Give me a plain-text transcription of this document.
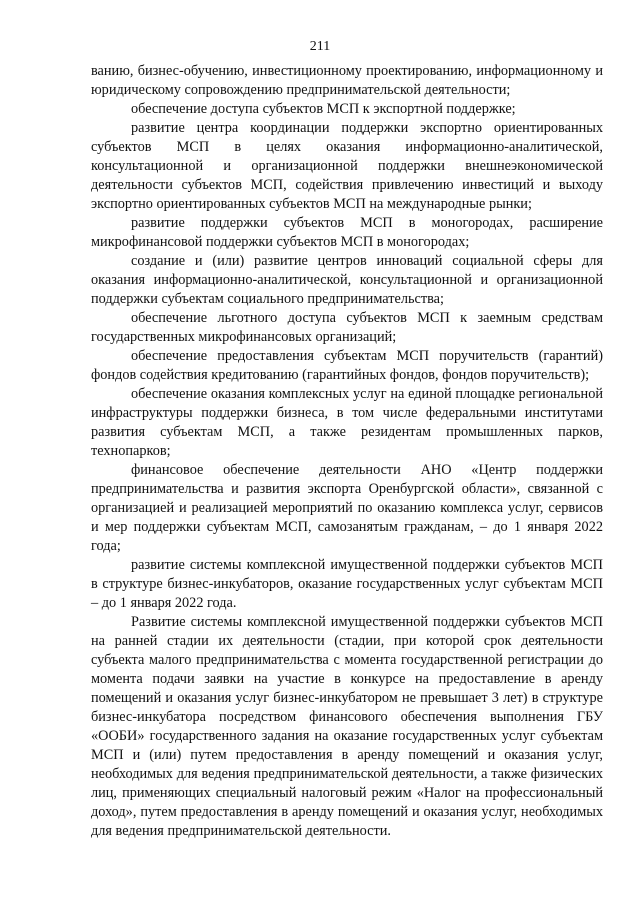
211

ванию, бизнес-обучению, инвестиционному проектированию, информационному и юридическому сопровождению предпринимательской деятельности;

обеспечение доступа субъектов МСП к экспортной поддержке;

развитие центра координации поддержки экспортно ориентированных субъектов МСП в целях оказания информационно-аналитической, консультационной и организационной поддержки внешнеэкономической деятельности субъектов МСП, содействия привлечению инвестиций и выходу экспортно ориентированных субъектов МСП на международные рынки;

развитие поддержки субъектов МСП в моногородах, расширение микрофинансовой поддержки субъектов МСП в моногородах;

создание и (или) развитие центров инноваций социальной сферы для оказания информационно-аналитической, консультационной и организационной поддержки субъектам социального предпринимательства;

обеспечение льготного доступа субъектов МСП к заемным средствам государственных микрофинансовых организаций;

обеспечение предоставления субъектам МСП поручительств (гарантий) фондов содействия кредитованию (гарантийных фондов, фондов поручительств);

обеспечение оказания комплексных услуг на единой площадке региональной инфраструктуры поддержки бизнеса, в том числе федеральными институтами развития субъектам МСП, а также резидентам промышленных парков, технопарков;

финансовое обеспечение деятельности АНО «Центр поддержки предпринимательства и развития экспорта Оренбургской области», связанной с организацией и реализацией мероприятий по оказанию комплекса услуг, сервисов и мер поддержки субъектам МСП, самозанятым гражданам, – до 1 января 2022 года;

развитие системы комплексной имущественной поддержки субъектов МСП в структуре бизнес-инкубаторов, оказание государственных услуг субъектам МСП – до 1 января 2022 года.

Развитие системы комплексной имущественной поддержки субъектов МСП на ранней стадии их деятельности (стадии, при которой срок деятельности субъекта малого предпринимательства с момента государственной регистрации до момента подачи заявки на участие в конкурсе на предоставление в аренду помещений и оказания услуг бизнес-инкубатором не превышает 3 лет) в структуре бизнес-инкубатора посредством финансового обеспечения выполнения ГБУ «ООБИ» государственного задания на оказание государственных услуг субъектам МСП и (или) путем предоставления в аренду помещений и оказания услуг, необходимых для ведения предпринимательской деятельности, а также физических лиц, применяющих специальный налоговый режим «Налог на профессиональный доход», путем предоставления в аренду помещений и оказания услуг, необходимых для ведения предпринимательской деятельности.
